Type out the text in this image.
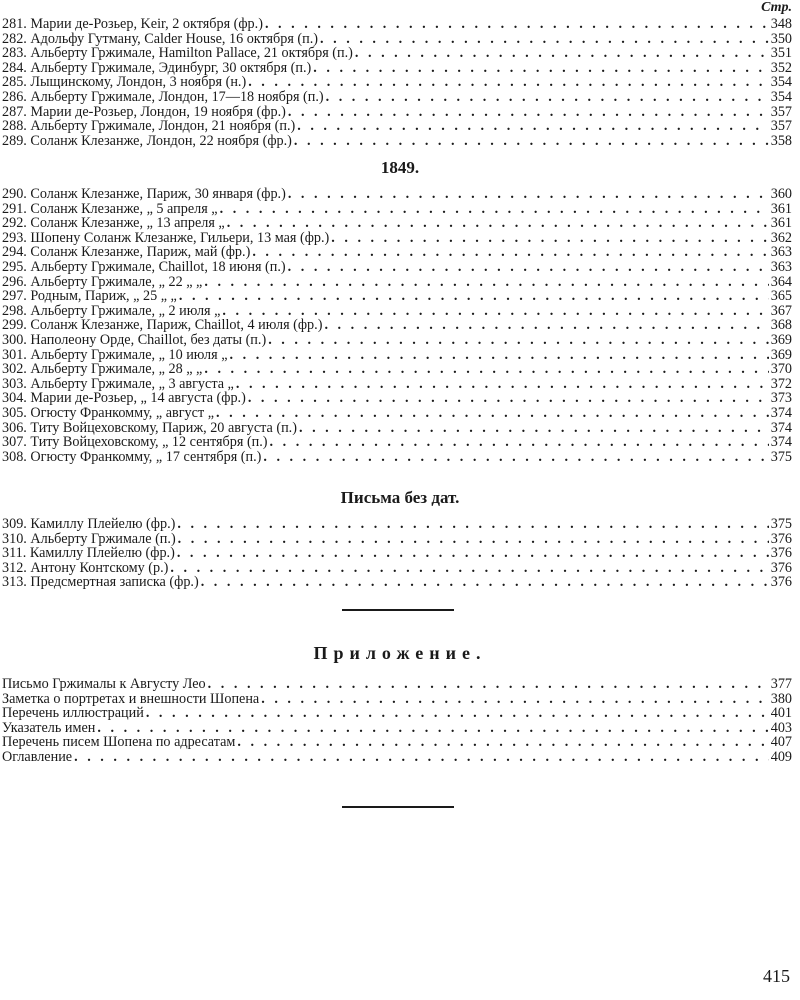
Стр.
281. Марии де-Розьер, Keir, 2 октября (фр.) . . .	348
282. Адольфу Гутману, Calder House, 16 октября (п.) . . .	350
283. Альберту Гржимале, Hamilton Pallace, 21 октября (п.) . . .	351
284. Альберту Гржимале, Эдинбург, 30 октября (п.) . . .	352
285. Лыщинскому, Лондон, 3 ноября (н.) . . .	354
286. Альберту Гржимале, Лондон, 17—18 ноября (п.) . . .	354
287. Марии де-Розьер, Лондон, 19 ноября (фр.) . . .	357
288. Альберту Гржимале, Лондон, 21 ноября (п.) . . .	357
289. Соланж Клезанже, Лондон, 22 ноября (фр.) . . .	358
1849.
290. Соланж Клезанже, Париж, 30 января (фр.) . . .	360
291. Соланж Клезанже, „ 5 апреля „ . . .	361
292. Соланж Клезанже, „ 13 апреля „ . . .	361
293. Шопену Соланж Клезанже, Гильери, 13 мая (фр.) . . .	362
294. Соланж Клезанже, Париж, май (фр.) . . .	363
295. Альберту Гржимале, Chaillot, 18 июня (п.) . . .	363
296. Альберту Гржимале, „ 22 „ „ . . .	364
297. Родным, Париж, „ 25 „ „ . . .	365
298. Альберту Гржимале, „ 2 июля „ . . .	367
299. Соланж Клезанже, Париж, Chaillot, 4 июля (фр.) . . .	368
300. Наполеону Орде, Chaillot, без даты (п.) . . .	369
301. Альберту Гржимале, „ 10 июля „ . . .	369
302. Альберту Гржимале, „ 28 „ „ . . .	370
303. Альберту Гржимале, „ 3 августа „ . . .	372
304. Марии де-Розьер, „ 14 августа (фр.) . . .	373
305. Огюсту Франкомму, „ август „ . . .	374
306. Титу Войцеховскому, Париж, 20 августа (п.) . . .	374
307. Титу Войцеховскому, „ 12 сентября (п.) . . .	374
308. Огюсту Франкомму, „ 17 сентября (п.) . . .	375
Письма без дат.
309. Камиллу Плейелю (фр.) . . .	375
310. Альберту Гржимале (п.) . . .	376
311. Камиллу Плейелю (фр.) . . .	376
312. Антону Контскому (р.) . . .	376
313. Предсмертная записка (фр.) . . .	376
Приложение.
Письмо Гржималы к Августу Лео . . .	377
Заметка о портретах и внешности Шопена . . .	380
Перечень иллюстраций . . .	401
Указатель имен . . .	403
Перечень писем Шопена по адресатам . . .	407
Оглавление . . .	409
415
